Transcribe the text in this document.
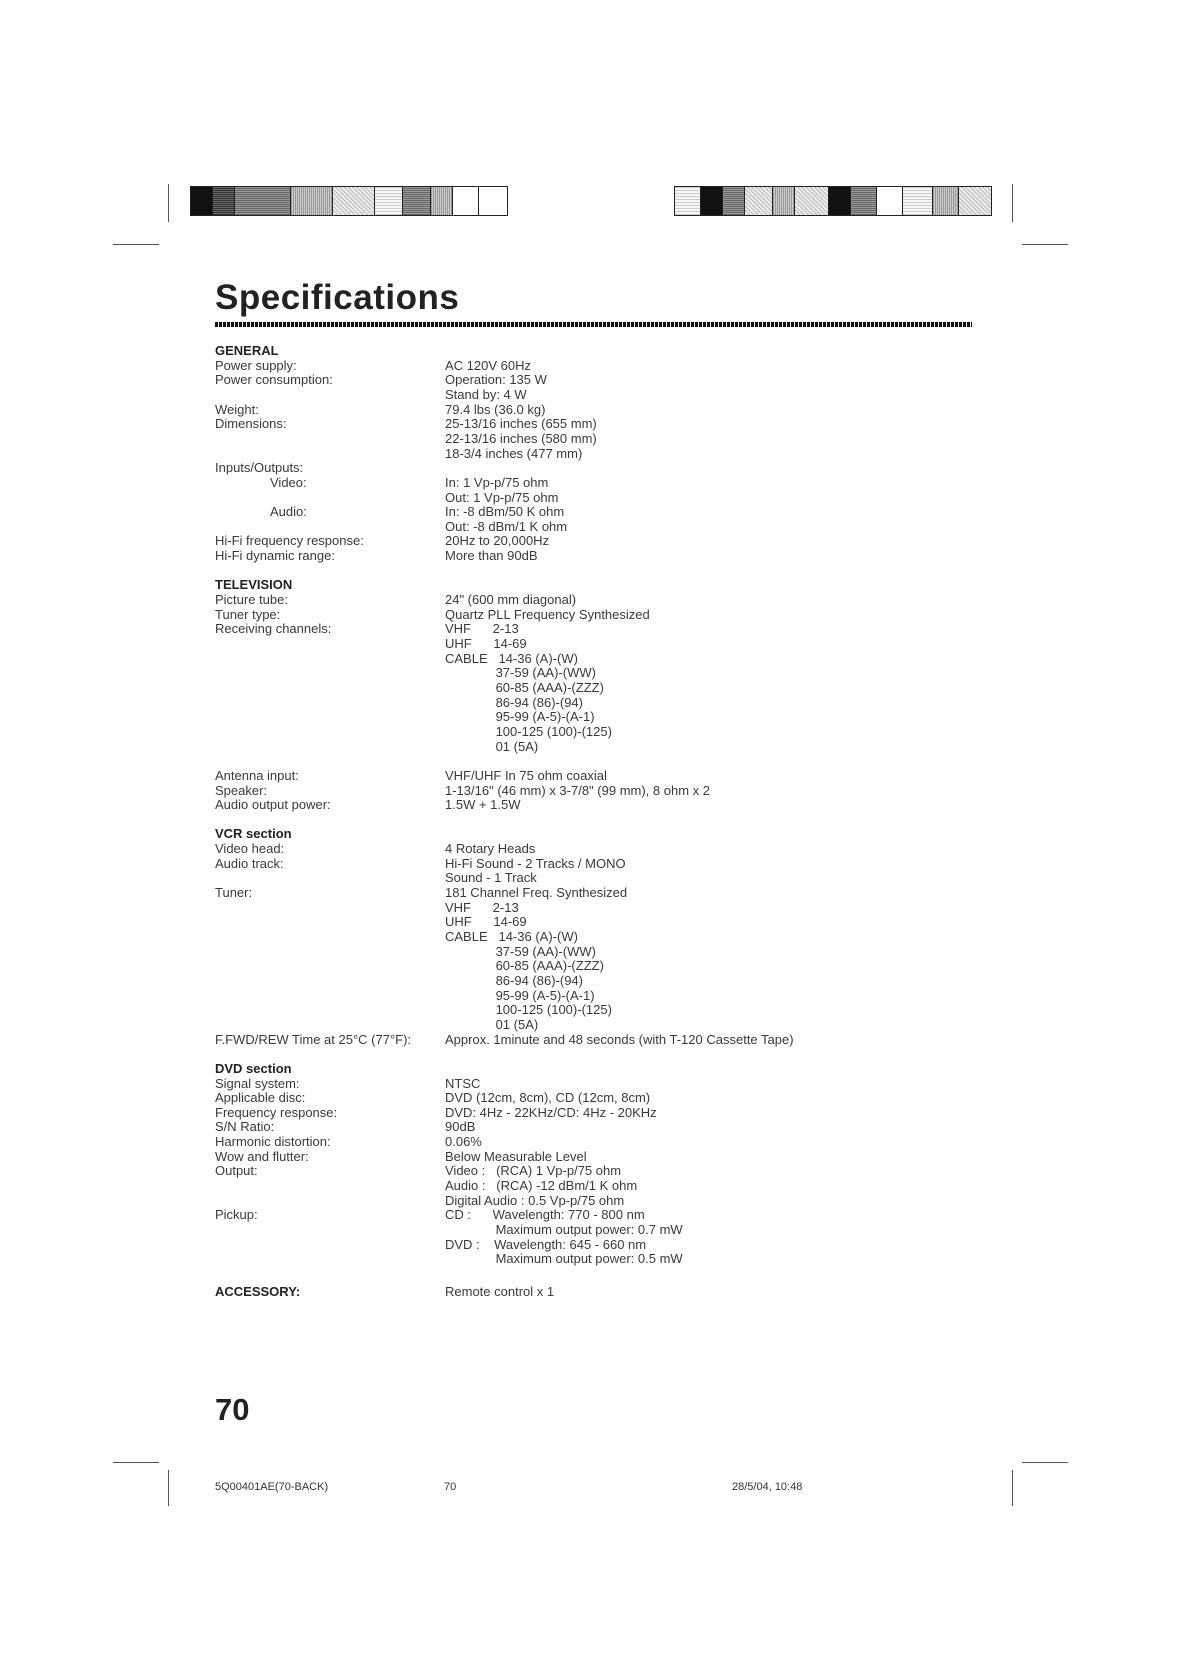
Specifications
GENERAL
Power supply:
Power consumption:
Weight:
Dimensions:
Inputs/Outputs:
Video:
Audio:
Hi-Fi frequency response:
Hi-Fi dynamic range:
TELEVISION
Picture tube:
Tuner type:
Receiving channels:
Antenna input:
Speaker:
Audio output power:
VCR section
Video head:
Audio track:
Tuner:
F.FWD/REW Time at 25°C (77°F):
DVD section
Signal system:
Applicable disc:
Frequency response:
S/N Ratio:
Harmonic distortion:
Wow and flutter:
Output:
Pickup:
ACCESSORY:
AC 120V 60Hz
Operation: 135 W
Stand by: 4 W
79.4 lbs (36.0 kg)
25-13/16 inches (655 mm)
22-13/16 inches (580 mm)
18-3/4 inches (477 mm)
In: 1 Vp-p/75 ohm
Out: 1 Vp-p/75 ohm
In: -8 dBm/50 K ohm
Out: -8 dBm/1 K ohm
20Hz to 20,000Hz
More than 90dB
24" (600 mm diagonal)
Quartz PLL Frequency Synthesized
VHF      2-13
UHF      14-69
CABLE   14-36 (A)-(W)
37-59 (AA)-(WW)
60-85 (AAA)-(ZZZ)
86-94 (86)-(94)
95-99 (A-5)-(A-1)
100-125 (100)-(125)
01 (5A)
VHF/UHF In 75 ohm coaxial
1-13/16" (46 mm) x 3-7/8" (99 mm), 8 ohm x 2
1.5W + 1.5W
4 Rotary Heads
Hi-Fi Sound - 2 Tracks / MONO
Sound - 1 Track
181 Channel Freq. Synthesized
VHF      2-13
UHF      14-69
CABLE   14-36 (A)-(W)
37-59 (AA)-(WW)
60-85 (AAA)-(ZZZ)
86-94 (86)-(94)
95-99 (A-5)-(A-1)
100-125 (100)-(125)
01 (5A)
Approx. 1minute and 48 seconds (with T-120 Cassette Tape)
NTSC
DVD (12cm, 8cm), CD (12cm, 8cm)
DVD: 4Hz - 22KHz/CD: 4Hz - 20KHz
90dB
0.06%
Below Measurable Level
Video :   (RCA) 1 Vp-p/75 ohm
Audio :   (RCA) -12 dBm/1 K ohm
Digital Audio : 0.5 Vp-p/75 ohm
CD :      Wavelength: 770 - 800 nm
Maximum output power: 0.7 mW
DVD :    Wavelength: 645 - 660 nm
Maximum output power: 0.5 mW
Remote control x 1
70
5Q00401AE(70-BACK)	70	28/5/04, 10:48
